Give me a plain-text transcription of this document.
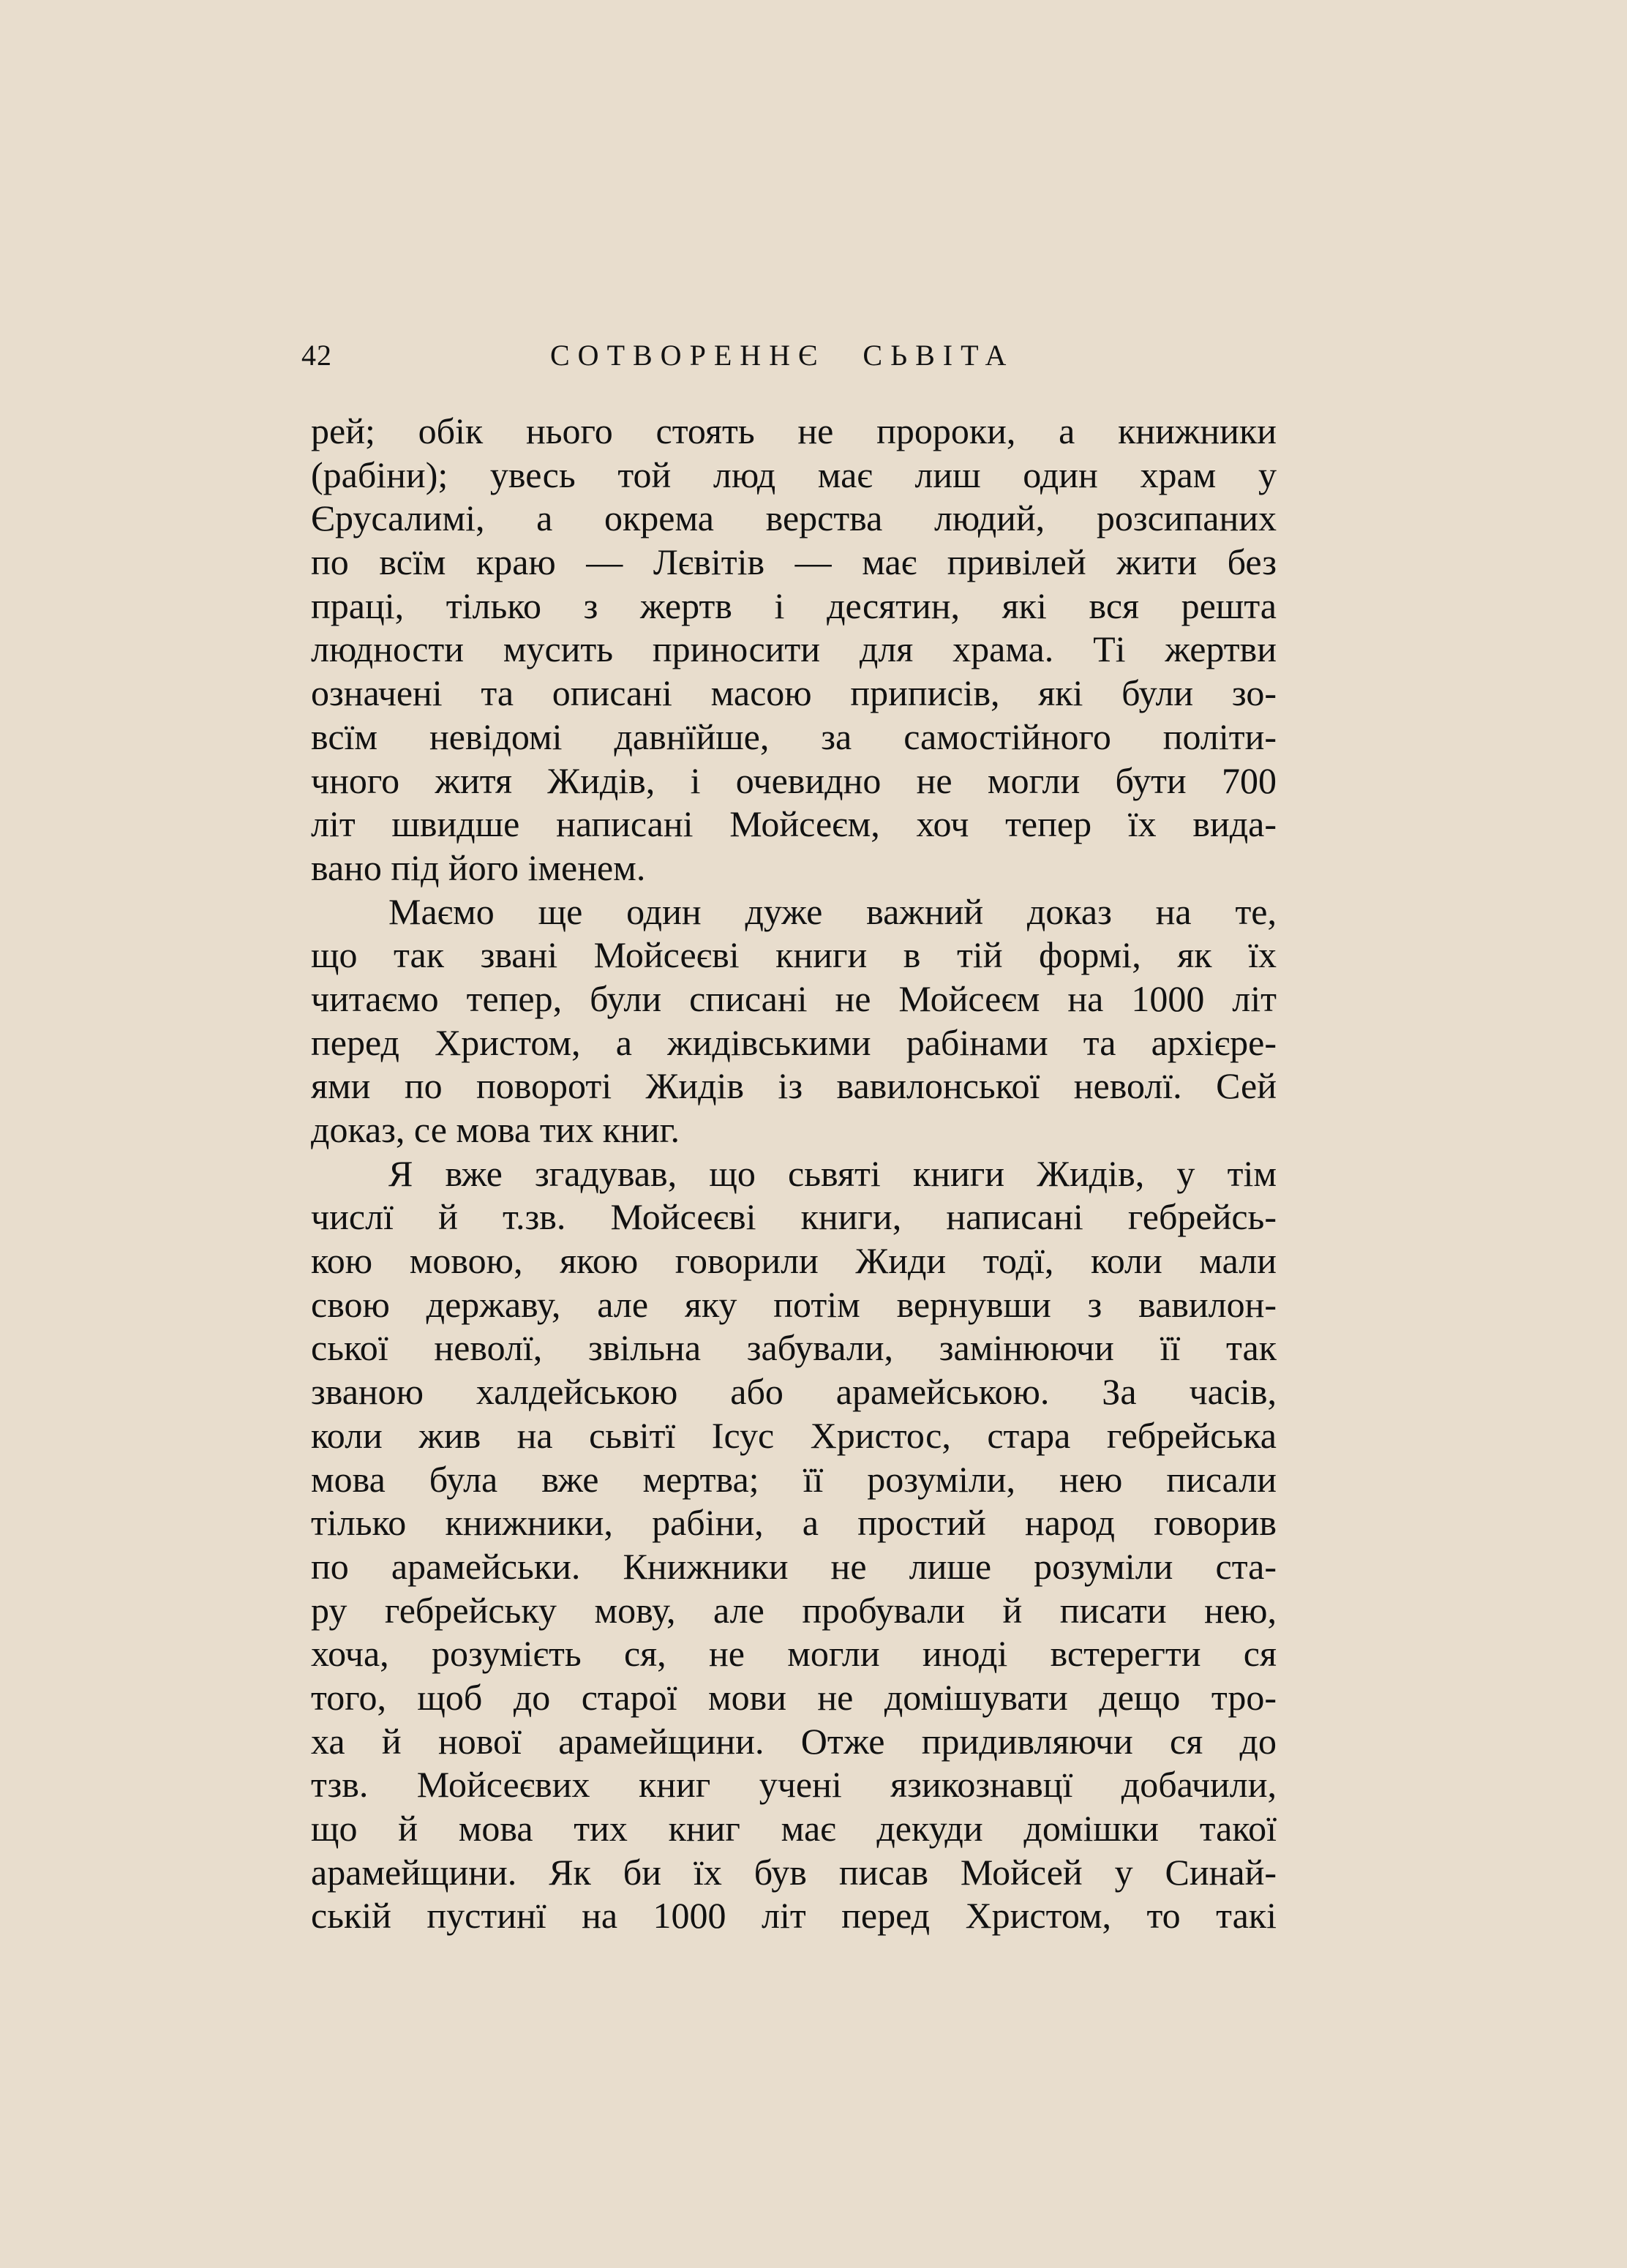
42	СОТВОРЕННЄ СЬВІТА
рей; обік нього стоять не пророки, а книжники
(рабіни); увесь той люд має лиш один храм у
Єрусалимі, а окрема верства людий, розсипаних
по всїм краю — Лєвітів — має привілей жити без
праці, тілько з жертв і десятин, які вся решта
людности мусить приносити для храма. Ті жертви
означені та описані масою приписів, які були зо-
всїм невідомі давнїйше, за самостійного політи-
чного житя Жидів, і очевидно не могли бути 700
літ швидше написані Мойсеєм, хоч тепер їх вида-
вано під його іменем.
Маємо ще один дуже важний доказ на те,
що так звані Мойсеєві книги в тій формі, як їх
читаємо тепер, були списані не Мойсеєм на 1000 літ
перед Христом, а жидівськими рабінами та архієре-
ями по повороті Жидів із вавилонської неволї. Сей
доказ, се мова тих книг.
Я вже згадував, що сьвяті книги Жидів, у тім
числї й т.зв. Мойсеєві книги, написані гебрейсь-
кою мовою, якою говорили Жиди тодї, коли мали
свою державу, але яку потім вернувши з вавилон-
ської неволї, звільна забували, замінюючи її так
званою халдейською або арамейською. За часів,
коли жив на сьвітї Ісус Христос, стара гебрейська
мова була вже мертва; її розуміли, нею писали
тілько книжники, рабіни, а простий народ говорив
по арамейськи. Книжники не лише розуміли ста-
ру гебрейську мову, але пробували й писати нею,
хоча, розумієть ся, не могли иноді встерегти ся
того, щоб до старої мови не домішувати дещо тро-
ха й нової арамейщини. Отже придивляючи ся до
тзв. Мойсеєвих книг учені язикознавцї добачили,
що й мова тих книг має декуди домішки такої
арамейщини. Як би їх був писав Мойсей у Синай-
ській пустинї на 1000 літ перед Христом, то такі
